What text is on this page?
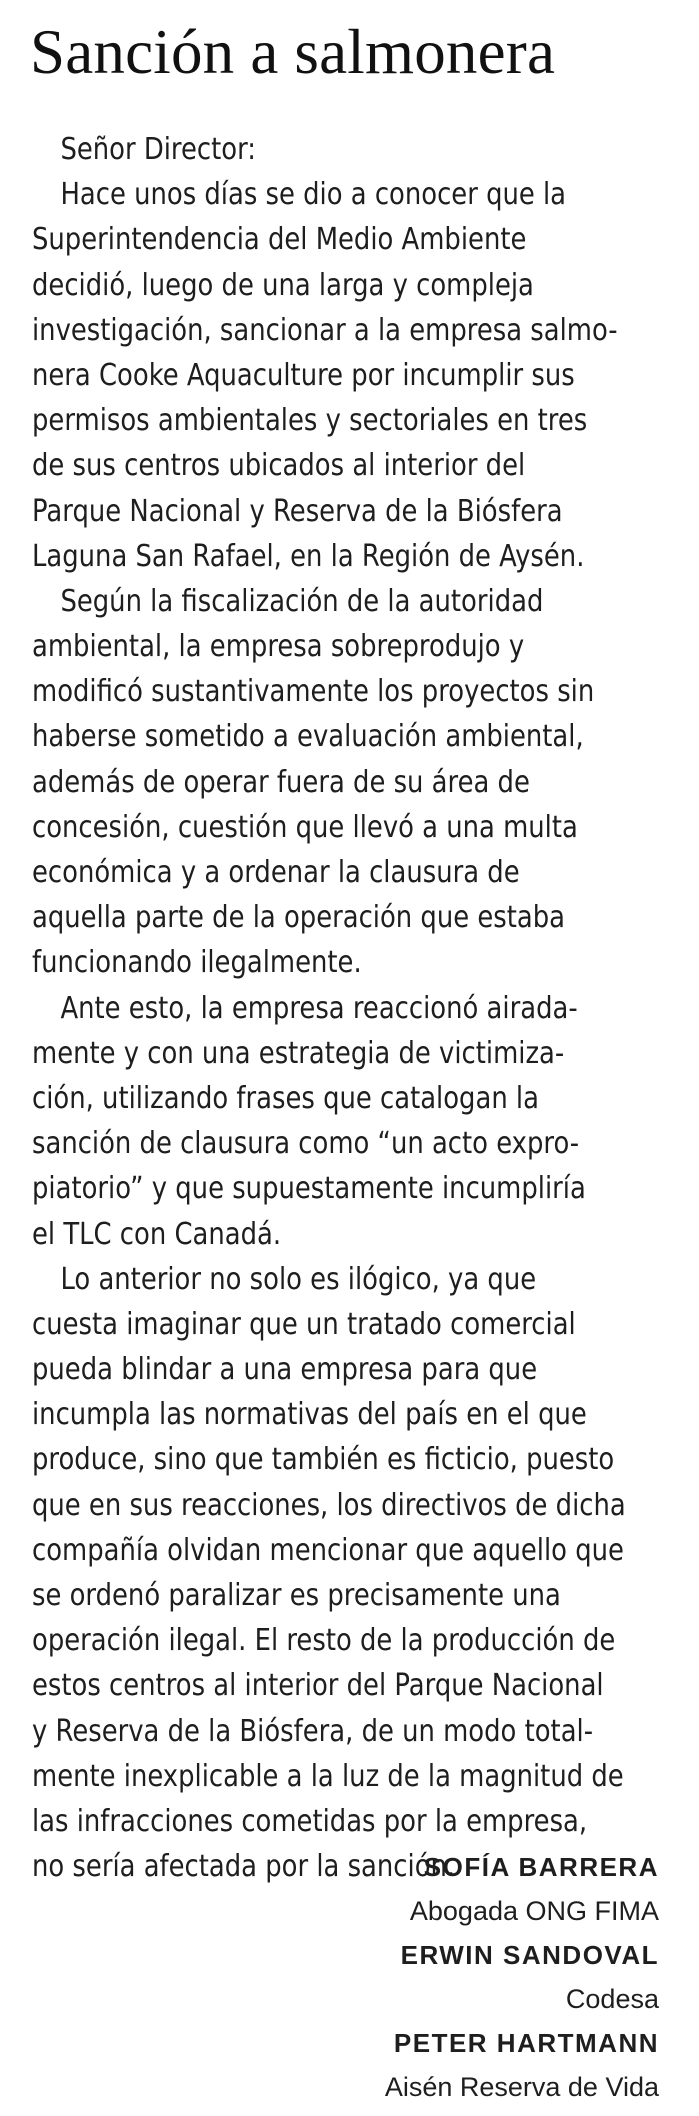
Sanción a salmonera
Señor Director:
Hace unos días se dio a conocer que la
Superintendencia del Medio Ambiente
decidió, luego de una larga y compleja
investigación, sancionar a la empresa salmo-
nera Cooke Aquaculture por incumplir sus
permisos ambientales y sectoriales en tres
de sus centros ubicados al interior del
Parque Nacional y Reserva de la Biósfera
Laguna San Rafael, en la Región de Aysén.
Según la fiscalización de la autoridad
ambiental, la empresa sobreprodujo y
modificó sustantivamente los proyectos sin
haberse sometido a evaluación ambiental,
además de operar fuera de su área de
concesión, cuestión que llevó a una multa
económica y a ordenar la clausura de
aquella parte de la operación que estaba
funcionando ilegalmente.
Ante esto, la empresa reaccionó airada-
mente y con una estrategia de victimiza-
ción, utilizando frases que catalogan la
sanción de clausura como “un acto expro-
piatorio” y que supuestamente incumpliría
el TLC con Canadá.
Lo anterior no solo es ilógico, ya que
cuesta imaginar que un tratado comercial
pueda blindar a una empresa para que
incumpla las normativas del país en el que
produce, sino que también es ficticio, puesto
que en sus reacciones, los directivos de dicha
compañía olvidan mencionar que aquello que
se ordenó paralizar es precisamente una
operación ilegal. El resto de la producción de
estos centros al interior del Parque Nacional
y Reserva de la Biósfera, de un modo total-
mente inexplicable a la luz de la magnitud de
las infracciones cometidas por la empresa,
no sería afectada por la sanción.
SOFÍA BARRERA
Abogada ONG FIMA
ERWIN SANDOVAL
Codesa
PETER HARTMANN
Aisén Reserva de Vida
